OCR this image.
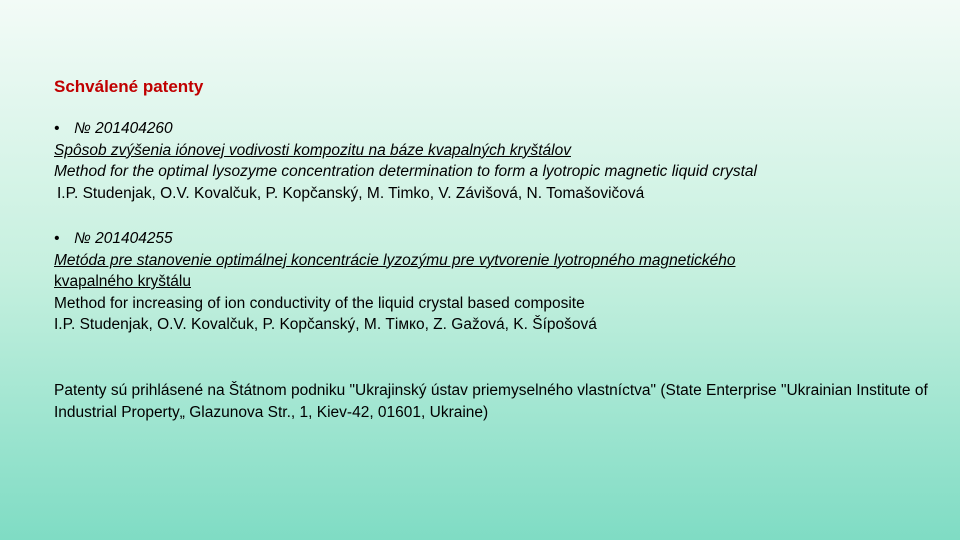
Schválené patenty
• № 201404260
Spôsob zvýšenia iónovej vodivosti kompozitu na báze kvapalných kryštálov
Method for the optimal lysozyme concentration determination to form a lyotropic magnetic liquid crystal
I.P. Studenjak, O.V. Kovalčuk, P. Kopčanský, M. Timko, V. Závišová, N. Tomašovičová
• № 201404255
Metóda pre stanovenie optimálnej koncentrácie lyzozýmu pre vytvorenie lyotropného magnetického
kvapalného kryštálu
Method for increasing of ion conductivity of the liquid crystal based composite
I.P. Studenjak, O.V. Kovalčuk, P. Kopčanský, M. Тімко, Z. Gažová, K. Šípošová
Patenty sú prihlásené na Štátnom podniku "Ukrajinský ústav priemyselného vlastníctva" (State Enterprise "Ukrainian Institute of Industrial Property„ Glazunova Str., 1, Kiev-42, 01601, Ukraine)
